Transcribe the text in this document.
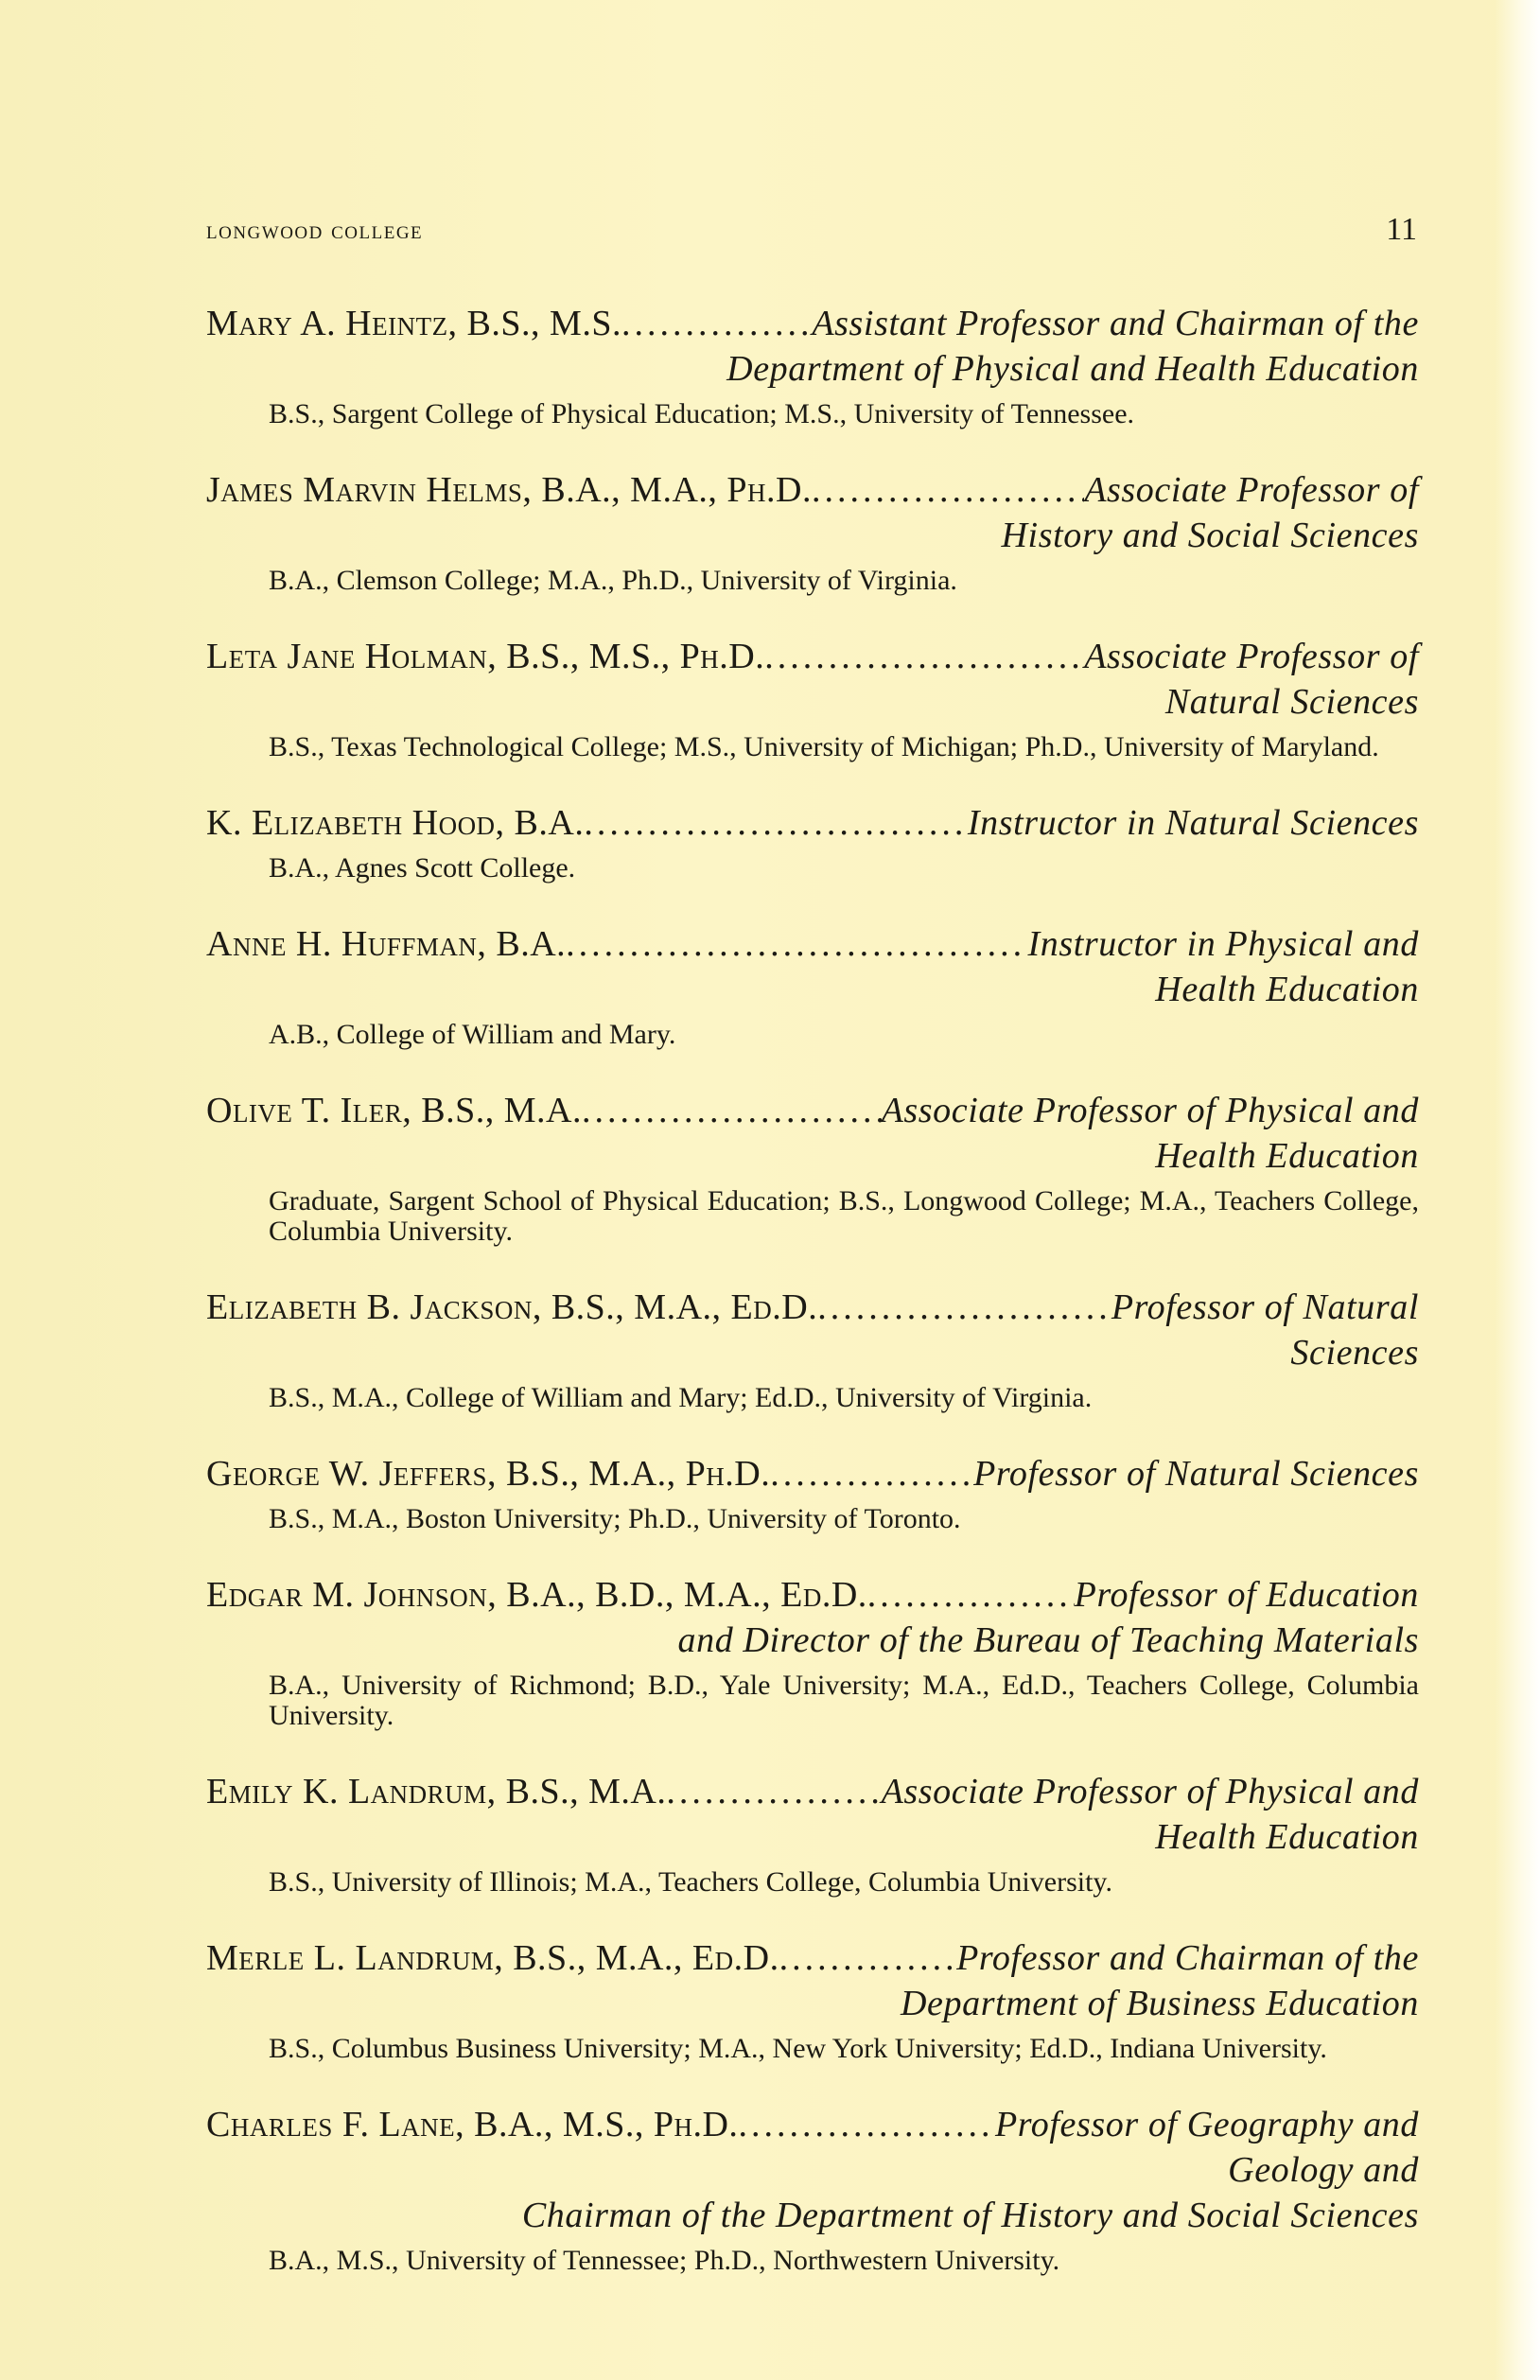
longwood college	11
Mary A. Heintz, B.S., M.S. .....	Assistant Professor and Chairman of the
Department of Physical and Health Education
B.S., Sargent College of Physical Education; M.S., University of Tennessee.
James Marvin Helms, B.A., M.A., Ph.D. .....	Associate Professor of
History and Social Sciences
B.A., Clemson College; M.A., Ph.D., University of Virginia.
Leta Jane Holman, B.S., M.S., Ph.D. .....	Associate Professor of
Natural Sciences
B.S., Texas Technological College; M.S., University of Michigan; Ph.D., University of Maryland.
K. Elizabeth Hood, B.A. .....	Instructor in Natural Sciences
B.A., Agnes Scott College.
Anne H. Huffman, B.A. .....	Instructor in Physical and
Health Education
A.B., College of William and Mary.
Olive T. Iler, B.S., M.A. .....	Associate Professor of Physical and
Health Education
Graduate, Sargent School of Physical Education; B.S., Longwood College; M.A., Teachers College, Columbia University.
Elizabeth B. Jackson, B.S., M.A., Ed.D. .....	Professor of Natural
Sciences
B.S., M.A., College of William and Mary; Ed.D., University of Virginia.
George W. Jeffers, B.S., M.A., Ph.D. .....	Professor of Natural Sciences
B.S., M.A., Boston University; Ph.D., University of Toronto.
Edgar M. Johnson, B.A., B.D., M.A., Ed.D. .....	Professor of Education
and Director of the Bureau of Teaching Materials
B.A., University of Richmond; B.D., Yale University; M.A., Ed.D., Teachers College, Columbia University.
Emily K. Landrum, B.S., M.A. .....	Associate Professor of Physical and
Health Education
B.S., University of Illinois; M.A., Teachers College, Columbia University.
Merle L. Landrum, B.S., M.A., Ed.D. .....	Professor and Chairman of the
Department of Business Education
B.S., Columbus Business University; M.A., New York University; Ed.D., Indiana University.
Charles F. Lane, B.A., M.S., Ph.D. .....	Professor of Geography and
Geology and
Chairman of the Department of History and Social Sciences
B.A., M.S., University of Tennessee; Ph.D., Northwestern University.
